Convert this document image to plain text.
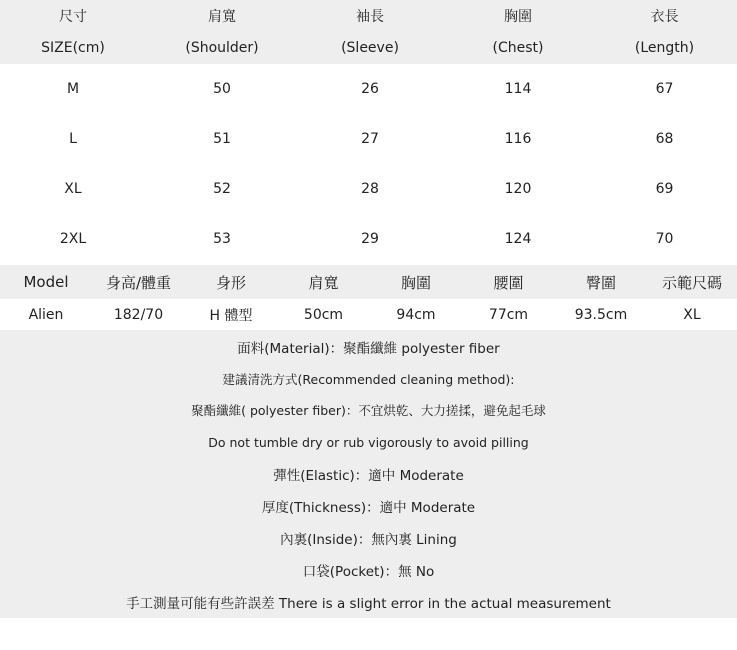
尺寸	肩寬	袖長	胸圍	衣長
SIZE(cm)	(Shoulder)	(Sleeve)	(Chest)	(Length)
M	50	26	114	67
L	51	27	116	68
XL	52	28	120	69
2XL	53	29	124	70
Model	身高/體重	身形	肩寬	胸圍	腰圍	臀圍	示範尺碼
Alien	182/70	H 體型	50cm	94cm	77cm	93.5cm	XL
面料(Material)：聚酯纖維 polyester fiber
建議清洗方式(Recommended cleaning method):
聚酯纖維( polyester fiber)：不宜烘乾、大力搓揉，避免起毛球
Do not tumble dry or rub vigorously to avoid pilling
彈性(Elastic)：適中 Moderate
厚度(Thickness)：適中 Moderate
內裏(Inside)：無內裏 Lining
口袋(Pocket)：無 No
手工測量可能有些許誤差 There is a slight error in the actual measurement
